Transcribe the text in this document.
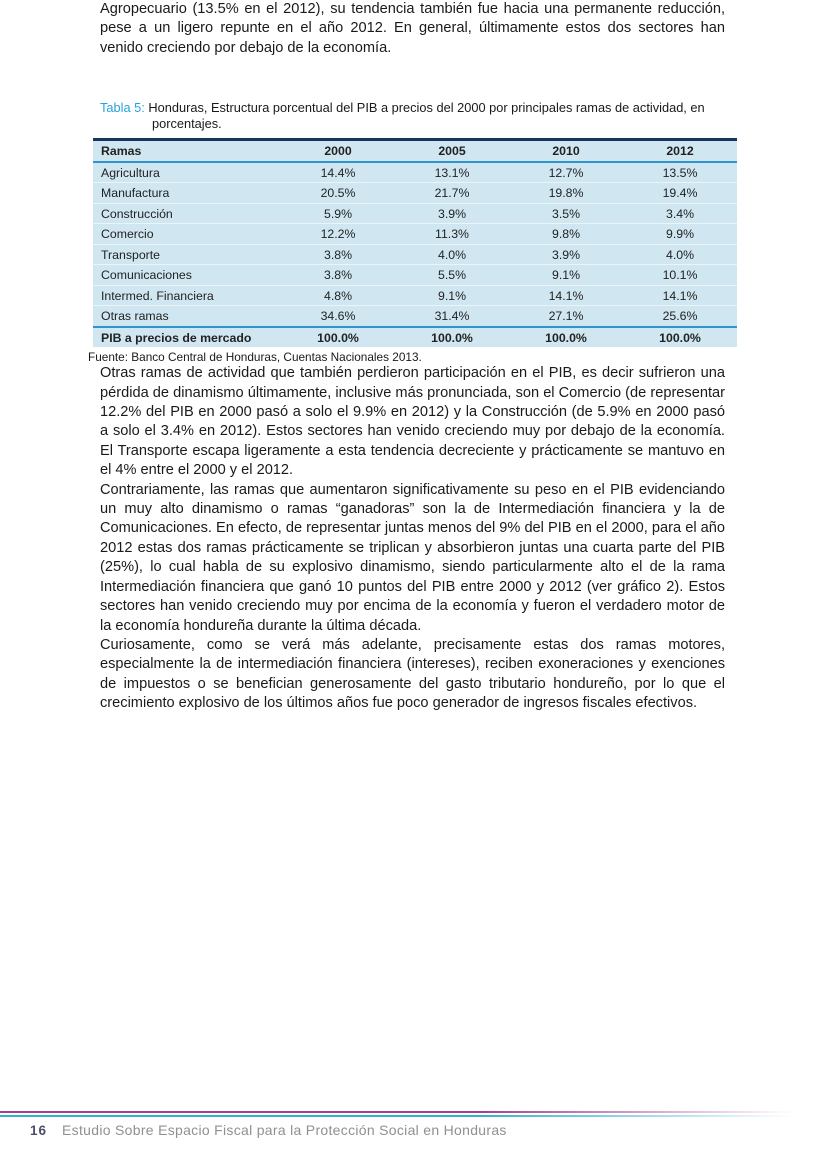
Agropecuario (13.5% en el 2012), su tendencia también fue hacia una permanente reducción, pese a un ligero repunte en el año 2012. En general, últimamente estos dos sectores han venido creciendo por debajo de la economía.

Tabla 5: Honduras, Estructura porcentual del PIB a precios del 2000 por principales ramas de actividad, en porcentajes.
Ramas	2000	2005	2010	2012
Agricultura	14.4%	13.1%	12.7%	13.5%
Manufactura	20.5%	21.7%	19.8%	19.4%
Construcción	5.9%	3.9%	3.5%	3.4%
Comercio	12.2%	11.3%	9.8%	9.9%
Transporte	3.8%	4.0%	3.9%	4.0%
Comunicaciones	3.8%	5.5%	9.1%	10.1%
Intermed. Financiera	4.8%	9.1%	14.1%	14.1%
Otras ramas	34.6%	31.4%	27.1%	25.6%
PIB a precios de mercado	100.0%	100.0%	100.0%	100.0%
Fuente: Banco Central de Honduras, Cuentas Nacionales 2013.

Otras ramas de actividad que también perdieron participación en el PIB, es decir sufrieron una pérdida de dinamismo últimamente, inclusive más pronunciada, son el Comercio (de representar 12.2% del PIB en 2000 pasó a solo el 9.9% en 2012) y la Construcción (de 5.9% en 2000 pasó a solo el 3.4% en 2012). Estos sectores han venido creciendo muy por debajo de la economía. El Transporte escapa ligeramente a esta tendencia decreciente y prácticamente se mantuvo en el 4% entre el 2000 y el 2012.

Contrariamente, las ramas que aumentaron significativamente su peso en el PIB evidenciando un muy alto dinamismo o ramas “ganadoras” son la de Intermediación financiera y la de Comunicaciones. En efecto, de representar juntas menos del 9% del PIB en el 2000, para el año 2012 estas dos ramas prácticamente se triplican y absorbieron juntas una cuarta parte del PIB (25%), lo cual habla de su explosivo dinamismo, siendo particularmente alto el de la rama Intermediación financiera que ganó 10 puntos del PIB entre 2000 y 2012 (ver gráfico 2). Estos sectores han venido creciendo muy por encima de la economía y fueron el verdadero motor de la economía hondureña durante la última década.

Curiosamente, como se verá más adelante, precisamente estas dos ramas motores, especialmente la de intermediación financiera (intereses), reciben exoneraciones y exenciones de impuestos o se benefician generosamente del gasto tributario hondureño, por lo que el crecimiento explosivo de los últimos años fue poco generador de ingresos fiscales efectivos.

16 Estudio Sobre Espacio Fiscal para la Protección Social en Honduras
